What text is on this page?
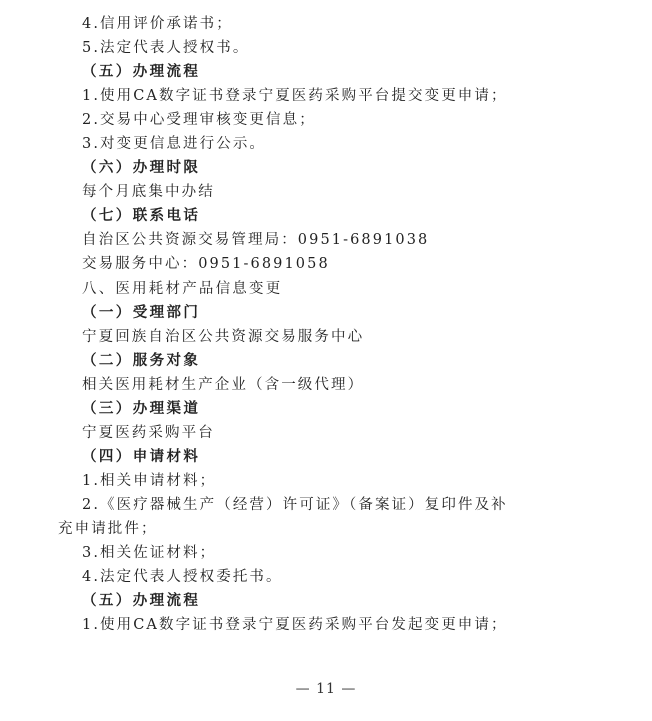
4.信用评价承诺书；
5.法定代表人授权书。
（五）办理流程
1.使用CA数字证书登录宁夏医药采购平台提交变更申请；
2.交易中心受理审核变更信息；
3.对变更信息进行公示。
（六）办理时限
每个月底集中办结
（七）联系电话
自治区公共资源交易管理局：0951-6891038
交易服务中心：0951-6891058
八、医用耗材产品信息变更
（一）受理部门
宁夏回族自治区公共资源交易服务中心
（二）服务对象
相关医用耗材生产企业（含一级代理）
（三）办理渠道
宁夏医药采购平台
（四）申请材料
1.相关申请材料；
2.《医疗器械生产（经营）许可证》（备案证）复印件及补
充申请批件；
3.相关佐证材料；
4.法定代表人授权委托书。
（五）办理流程
1.使用CA数字证书登录宁夏医药采购平台发起变更申请；
— 11 —
